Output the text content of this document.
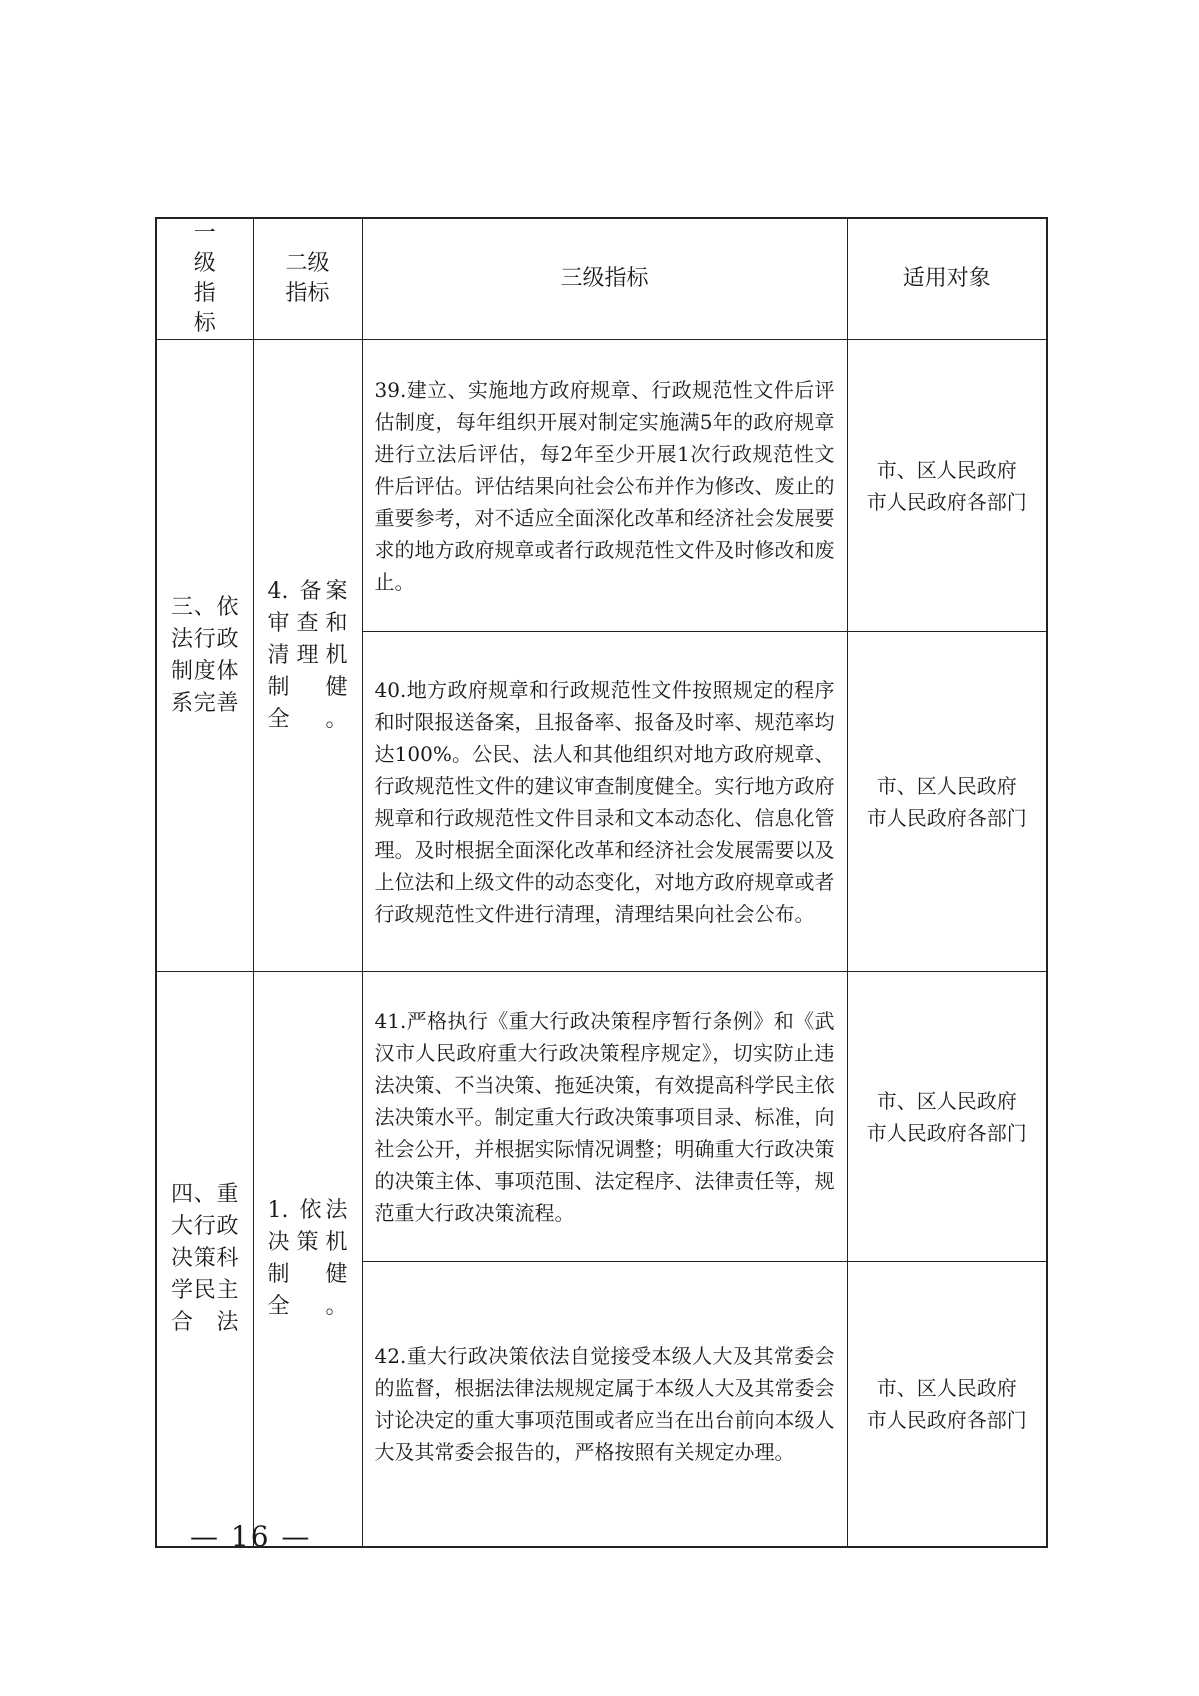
一级指标	二级指标	三级指标	适用对象
三、依法行政制度体系完善	4. 备案审查和清理机制健全。	39.建立、实施地方政府规章、行政规范性文件后评估制度，每年组织开展对制定实施满5年的政府规章进行立法后评估，每2年至少开展1次行政规范性文件后评估。评估结果向社会公布并作为修改、废止的重要参考，对不适应全面深化改革和经济社会发展要求的地方政府规章或者行政规范性文件及时修改和废止。	市、区人民政府
市人民政府各部门

		40.地方政府规章和行政规范性文件按照规定的程序和时限报送备案，且报备率、报备及时率、规范率均达100%。公民、法人和其他组织对地方政府规章、行政规范性文件的建议审查制度健全。实行地方政府规章和行政规范性文件目录和文本动态化、信息化管理。及时根据全面深化改革和经济社会发展需要以及上位法和上级文件的动态变化，对地方政府规章或者行政规范性文件进行清理，清理结果向社会公布。	市、区人民政府
市人民政府各部门

四、重大行政决策科学民主合法	1. 依法决策机制健全。	41.严格执行《重大行政决策程序暂行条例》和《武汉市人民政府重大行政决策程序规定》，切实防止违法决策、不当决策、拖延决策，有效提高科学民主依法决策水平。制定重大行政决策事项目录、标准，向社会公开，并根据实际情况调整；明确重大行政决策的决策主体、事项范围、法定程序、法律责任等，规范重大行政决策流程。	市、区人民政府
市人民政府各部门

		42.重大行政决策依法自觉接受本级人大及其常委会的监督，根据法律法规规定属于本级人大及其常委会讨论决定的重大事项范围或者应当在出台前向本级人大及其常委会报告的，严格按照有关规定办理。	市、区人民政府
市人民政府各部门
— 16 —
